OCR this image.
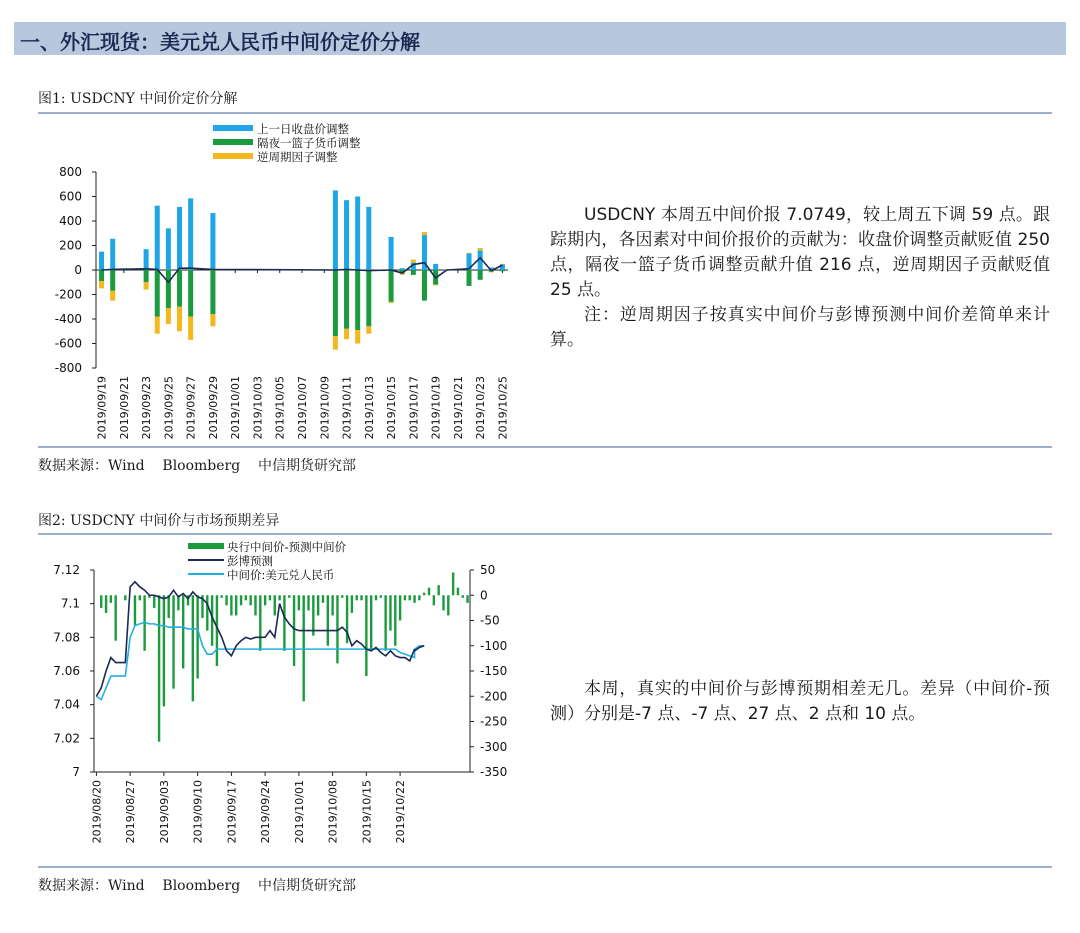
一、外汇现货：美元兑人民币中间价定价分解
图1: USDCNY 中间价定价分解
800
600
400
200
0
-200
-400
-600
-800
2019/09/19 2019/09/21 2019/09/23 2019/09/25 2019/09/27 2019/09/29 2019/10/01 2019/10/03 2019/10/05 2019/10/07 2019/10/09 2019/10/11 2019/10/13 2019/10/15 2019/10/17 2019/10/19 2019/10/21 2019/10/23 2019/10/25
上一日收盘价调整
隔夜一篮子货币调整
逆周期因子调整
数据来源：Wind    Bloomberg    中信期货研究部

USDCNY 本周五中间价报 7.0749，较上周五下调 59 点。跟踪期内，各因素对中间价报价的贡献为：收盘价调整贡献贬值 250 点，隔夜一篮子货币调整贡献升值 216 点，逆周期因子贡献贬值 25 点。

注：逆周期因子按真实中间价与彭博预测中间价差简单来计算。

图2: USDCNY 中间价与市场预期差异
7.12
7.1
7.08
7.06
7.04
7.02
7
50
0
-50
-100
-150
-200
-250
-300
-350
2019/08/20 2019/08/27 2019/09/03 2019/09/10 2019/09/17 2019/09/24 2019/10/01 2019/10/08 2019/10/15 2019/10/22
央行中间价-预测中间价
彭博预测
中间价:美元兑人民币
数据来源：Wind    Bloomberg    中信期货研究部

本周，真实的中间价与彭博预期相差无几。差异（中间价-预测）分别是-7 点、-7 点、27 点、2 点和 10 点。
